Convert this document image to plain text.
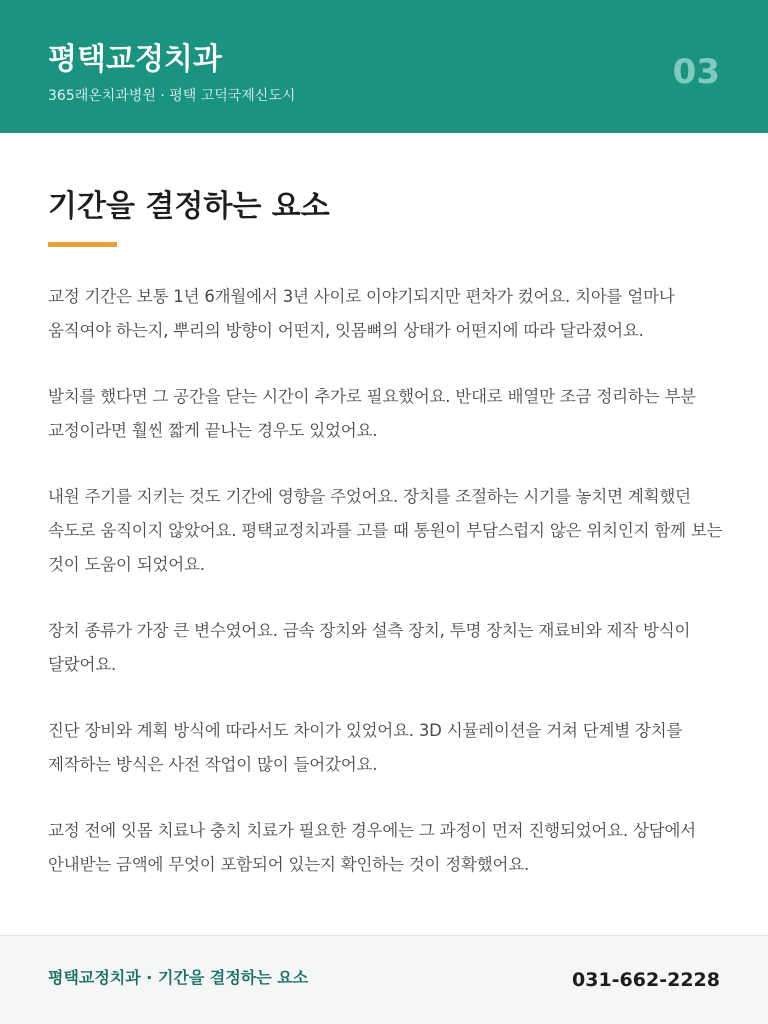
평택교정치과
365래온치과병원 · 평택 고덕국제신도시
03
기간을 결정하는 요소

교정 기간은 보통 1년 6개월에서 3년 사이로 이야기되지만 편차가 컸어요. 치아를 얼마나 움직여야 하는지, 뿌리의 방향이 어떤지, 잇몸뼈의 상태가 어떤지에 따라 달라졌어요.

발치를 했다면 그 공간을 닫는 시간이 추가로 필요했어요. 반대로 배열만 조금 정리하는 부분 교정이라면 훨씬 짧게 끝나는 경우도 있었어요.

내원 주기를 지키는 것도 기간에 영향을 주었어요. 장치를 조절하는 시기를 놓치면 계획했던 속도로 움직이지 않았어요. 평택교정치과를 고를 때 통원이 부담스럽지 않은 위치인지 함께 보는 것이 도움이 되었어요.

장치 종류가 가장 큰 변수였어요. 금속 장치와 설측 장치, 투명 장치는 재료비와 제작 방식이 달랐어요.

진단 장비와 계획 방식에 따라서도 차이가 있었어요. 3D 시뮬레이션을 거쳐 단계별 장치를 제작하는 방식은 사전 작업이 많이 들어갔어요.

교정 전에 잇몸 치료나 충치 치료가 필요한 경우에는 그 과정이 먼저 진행되었어요. 상담에서 안내받는 금액에 무엇이 포함되어 있는지 확인하는 것이 정확했어요.

평택교정치과 · 기간을 결정하는 요소	031-662-2228
